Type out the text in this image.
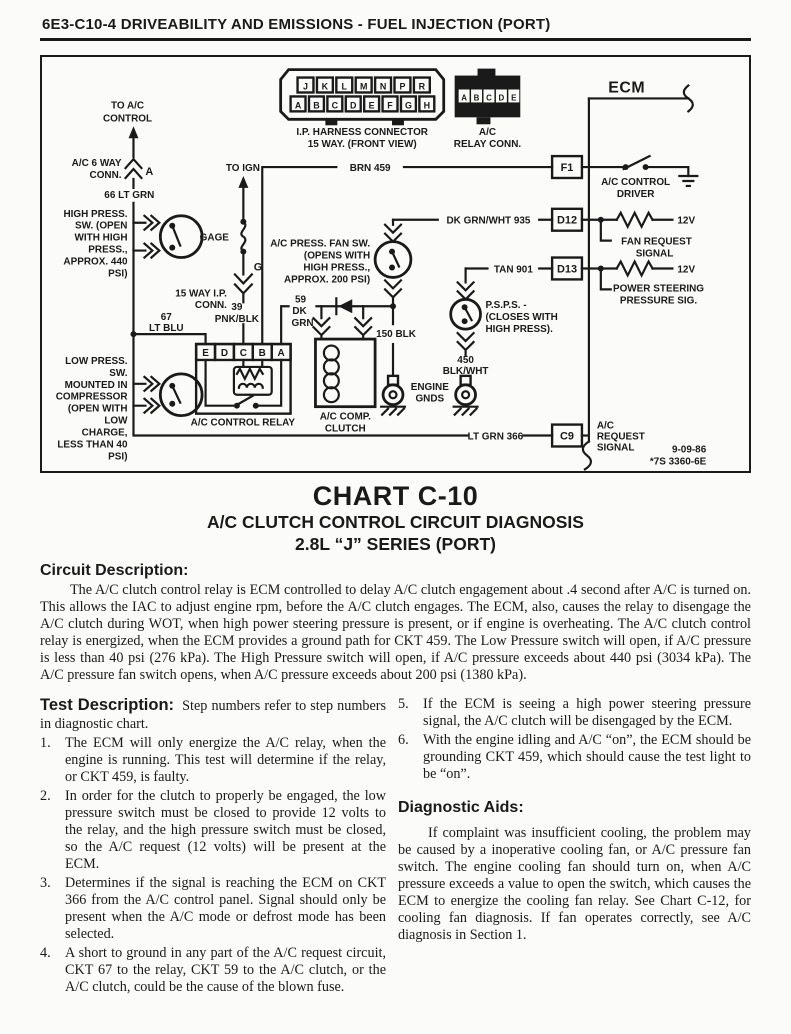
6E3-C10-4 DRIVEABILITY AND EMISSIONS - FUEL INJECTION (PORT)
TO A/C
CONTROL
A/C 6 WAY
CONN. A
66 LT GRN
HIGH PRESS.
SW. (OPEN
WITH HIGH
PRESS.,
APPROX. 440
PSI)
TO IGN
GAGE
G
15 WAY I.P.
CONN. 39
PNK/BLK
BRN 459
ECM
A/C CONTROL
DRIVER
DK GRN/WHT 935	12V
FAN REQUEST
SIGNAL
A/C PRESS. FAN SW.
(OPENS WITH
HIGH PRESS.,
APPROX. 200 PSI)
TAN 901	12V
POWER STEERING
PRESSURE SIG.
P.S.P.S. -
(CLOSES WITH
HIGH PRESS).
450
BLK/WHT
59
DK
GRN
150 BLK
ENGINE
GNDS
67
LT BLU
LOW PRESS.
SW.
MOUNTED IN
COMPRESSOR
(OPEN WITH
LOW
CHARGE,
LESS THAN 40
PSI)
A/C CONTROL RELAY
A/C COMP.
CLUTCH
LT GRN 366
A/C
REQUEST
SIGNAL	9-09-86
*7S 3360-6E
E D C B A
F1
D12
D13
C9
J K L M N P R
A B C D E F G H
I.P. HARNESS CONNECTOR
15 WAY. (FRONT VIEW)
A B C D E
A/C
RELAY CONN.
CHART C-10
A/C CLUTCH CONTROL CIRCUIT DIAGNOSIS
2.8L “J” SERIES (PORT)
Circuit Description:

The A/C clutch control relay is ECM controlled to delay A/C clutch engagement about .4 second after A/C is turned on. This allows the IAC to adjust engine rpm, before the A/C clutch engages. The ECM, also, causes the relay to disengage the A/C clutch during WOT, when high power steering pressure is present, or if engine is overheating. The A/C clutch control relay is energized, when the ECM provides a ground path for CKT 459. The Low Pressure switch will open, if A/C pressure is less than 40 psi (276 kPa). The High Pressure switch will open, if A/C pressure exceeds about 440 psi (3034 kPa). The A/C pressure fan switch opens, when A/C pressure exceeds about 200 psi (1380 kPa).

Test Description: Step numbers refer to step numbers in diagnostic chart.

1.	The ECM will only energize the A/C relay, when the engine is running. This test will determine if the relay, or CKT 459, is faulty.
2.	In order for the clutch to properly be engaged, the low pressure switch must be closed to provide 12 volts to the relay, and the high pressure switch must be closed, so the A/C request (12 volts) will be present at the ECM.
3.	Determines if the signal is reaching the ECM on CKT 366 from the A/C control panel. Signal should only be present when the A/C mode or defrost mode has been selected.
4.	A short to ground in any part of the A/C request circuit, CKT 67 to the relay, CKT 59 to the A/C clutch, or the A/C clutch, could be the cause of the blown fuse.
5.	If the ECM is seeing a high power steering pressure signal, the A/C clutch will be disengaged by the ECM.
6.	With the engine idling and A/C “on”, the ECM should be grounding CKT 459, which should cause the test light to be “on”.
Diagnostic Aids:

If complaint was insufficient cooling, the problem may be caused by a inoperative cooling fan, or A/C pressure fan switch. The engine cooling fan should turn on, when A/C pressure exceeds a value to open the switch, which causes the ECM to energize the cooling fan relay. See Chart C-12, for cooling fan diagnosis. If fan operates correctly, see A/C diagnosis in Section 1.
